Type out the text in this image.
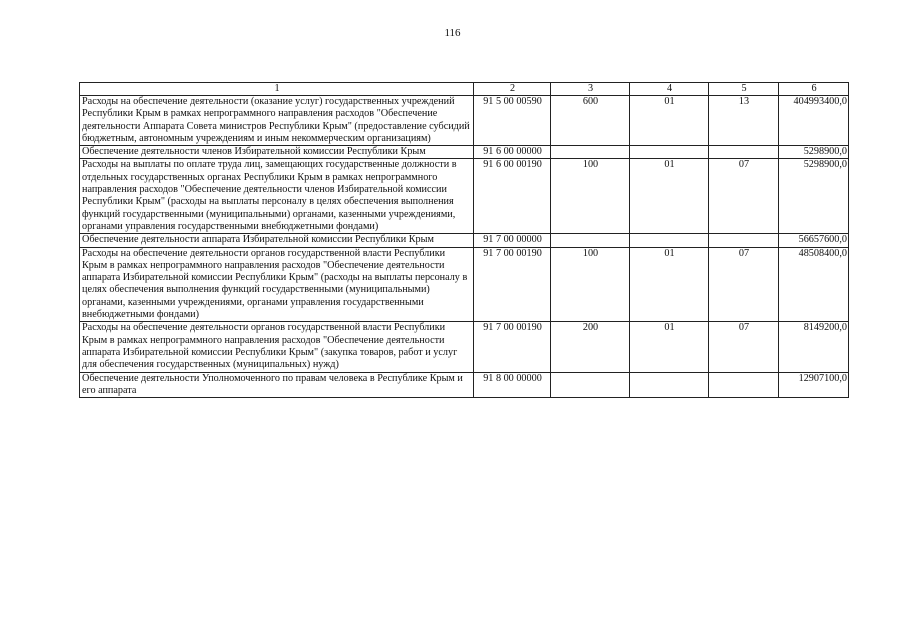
116
1	2	3	4	5	6
Расходы на обеспечение деятельности (оказание услуг) государственных учреждений Республики Крым в рамках непрограммного направления расходов "Обеспечение деятельности Аппарата Совета министров Республики Крым" (предоставление субсидий бюджетным, автономным учреждениям и иным некоммерческим организациям)	91 5 00 00590	600	01	13	404993400,0
Обеспечение деятельности членов Избирательной комиссии Республики Крым	91 6 00 00000				5298900,0
Расходы на выплаты по оплате труда лиц, замещающих государственные должности в отдельных государственных органах Республики Крым в рамках непрограммного направления расходов "Обеспечение деятельности членов Избирательной комиссии Республики Крым" (расходы на выплаты персоналу в целях обеспечения выполнения функций государственными (муниципальными) органами, казенными учреждениями, органами управления государственными внебюджетными фондами)	91 6 00 00190	100	01	07	5298900,0
Обеспечение деятельности аппарата Избирательной комиссии Республики Крым	91 7 00 00000				56657600,0
Расходы на обеспечение деятельности органов государственной власти Республики Крым в рамках непрограммного направления расходов "Обеспечение деятельности аппарата Избирательной комиссии Республики Крым" (расходы на выплаты персоналу в целях обеспечения выполнения функций государственными (муниципальными) органами, казенными учреждениями, органами управления государственными внебюджетными фондами)	91 7 00 00190	100	01	07	48508400,0
Расходы на обеспечение деятельности органов государственной власти Республики Крым в рамках непрограммного направления расходов "Обеспечение деятельности аппарата Избирательной комиссии Республики Крым" (закупка товаров, работ и услуг для обеспечения государственных (муниципальных) нужд)	91 7 00 00190	200	01	07	8149200,0
Обеспечение деятельности Уполномоченного по правам человека в Республике Крым и его аппарата	91 8 00 00000				12907100,0
